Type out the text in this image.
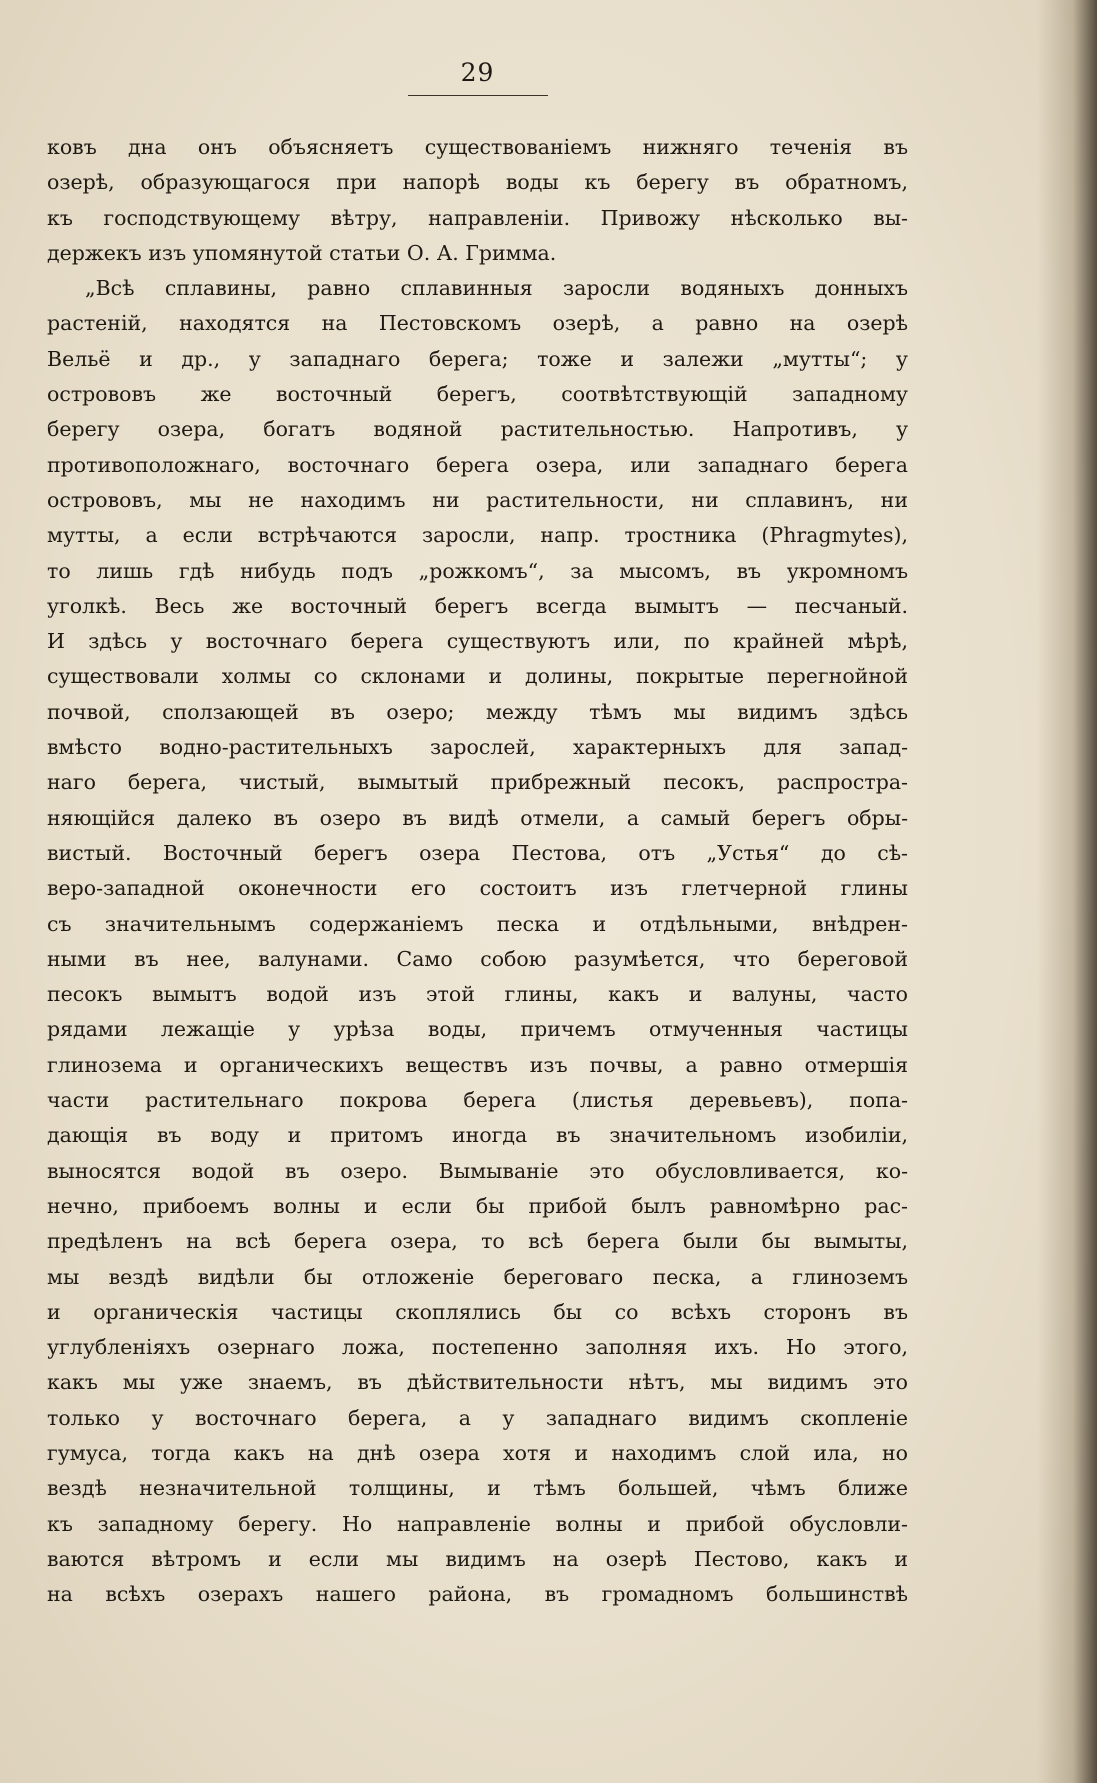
29
ковъ дна онъ объясняетъ существованіемъ нижняго теченія въ
озерѣ, образующагося при напорѣ воды къ берегу въ обратномъ,
къ господствующему вѣтру, направленіи. Привожу нѣсколько вы-
держекъ изъ упомянутой статьи О. А. Гримма.
„Всѣ сплавины, равно сплавинныя заросли водяныхъ донныхъ
растеній, находятся на Пестовскомъ озерѣ, а равно на озерѣ
Вельё и др., у западнаго берега; тоже и залежи „мутты“; у
острововъ же восточный берегъ, соотвѣтствующій западному
берегу озера, богатъ водяной растительностью. Напротивъ, у
противоположнаго, восточнаго берега озера, или западнаго берега
острововъ, мы не находимъ ни растительности, ни сплавинъ, ни
мутты, а если встрѣчаются заросли, напр. тростника (Phragmytes),
то лишь гдѣ нибудь подъ „рожкомъ“, за мысомъ, въ укромномъ
уголкѣ. Весь же восточный берегъ всегда вымытъ — песчаный.
И здѣсь у восточнаго берега существуютъ или, по крайней мѣрѣ,
существовали холмы со склонами и долины, покрытые перегнойной
почвой, сползающей въ озеро; между тѣмъ мы видимъ здѣсь
вмѣсто водно-растительныхъ зарослей, характерныхъ для запад-
наго берега, чистый, вымытый прибрежный песокъ, распростра-
няющійся далеко въ озеро въ видѣ отмели, а самый берегъ обры-
вистый. Восточный берегъ озера Пестова, отъ „Устья“ до сѣ-
веро-западной оконечности его состоитъ изъ глетчерной глины
съ значительнымъ содержаніемъ песка и отдѣльными, внѣдрен-
ными въ нее, валунами. Само собою разумѣется, что береговой
песокъ вымытъ водой изъ этой глины, какъ и валуны, часто
рядами лежащіе у урѣза воды, причемъ отмученныя частицы
глинозема и органическихъ веществъ изъ почвы, а равно отмершія
части растительнаго покрова берега (листья деревьевъ), попа-
дающія въ воду и притомъ иногда въ значительномъ изобиліи,
выносятся водой въ озеро. Вымываніе это обусловливается, ко-
нечно, прибоемъ волны и если бы прибой былъ равномѣрно рас-
предѣленъ на всѣ берега озера, то всѣ берега были бы вымыты,
мы вездѣ видѣли бы отложеніе береговаго песка, а глиноземъ
и органическія частицы скоплялись бы со всѣхъ сторонъ въ
углубленіяхъ озернаго ложа, постепенно заполняя ихъ. Но этого,
какъ мы уже знаемъ, въ дѣйствительности нѣтъ, мы видимъ это
только у восточнаго берега, а у западнаго видимъ скопленіе
гумуса, тогда какъ на днѣ озера хотя и находимъ слой ила, но
вездѣ незначительной толщины, и тѣмъ большей, чѣмъ ближе
къ западному берегу. Но направленіе волны и прибой обусловли-
ваются вѣтромъ и если мы видимъ на озерѣ Пестово, какъ и
на всѣхъ озерахъ нашего района, въ громадномъ большинствѣ
